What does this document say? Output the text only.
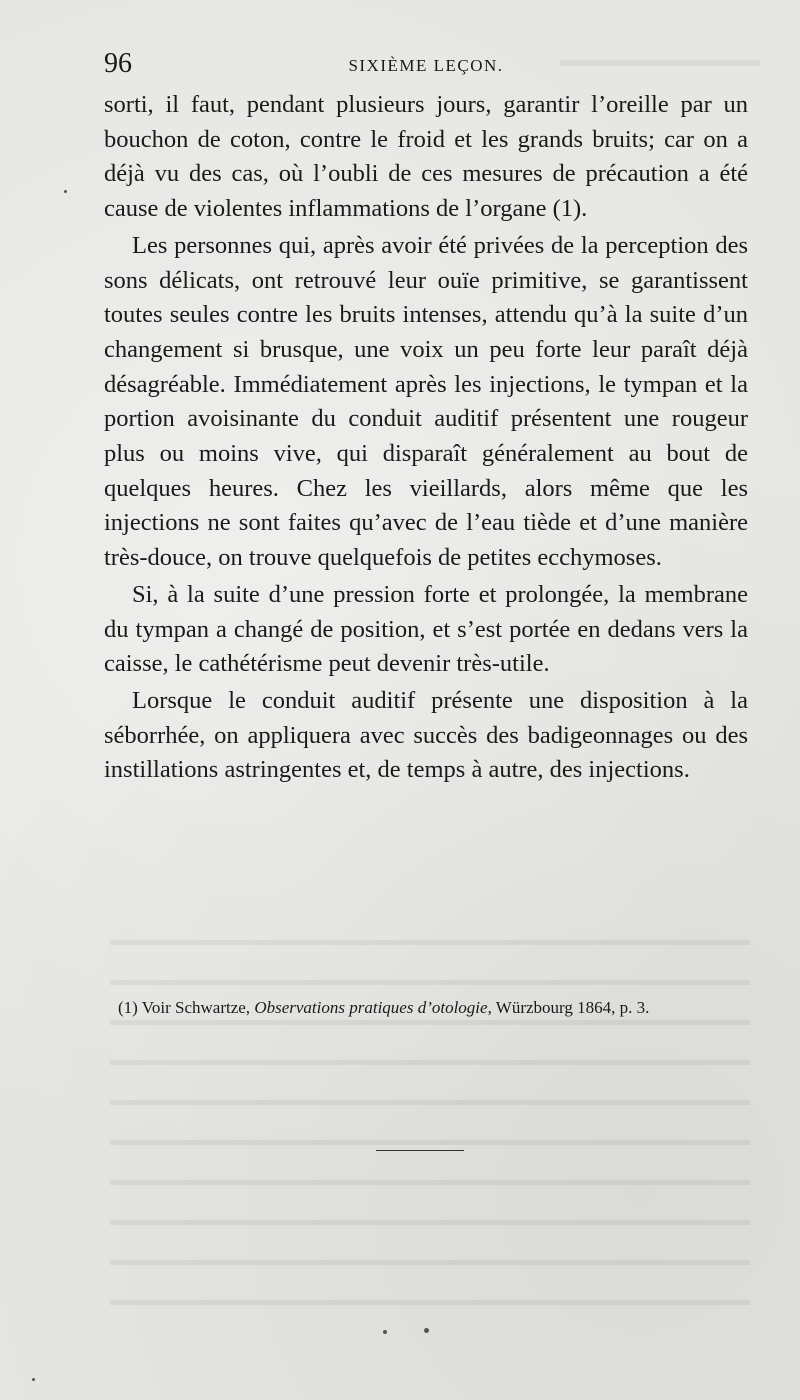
96	SIXIÈME LEÇON.

sorti, il faut, pendant plusieurs jours, garantir l’oreille par un bouchon de coton, contre le froid et les grands bruits; car on a déjà vu des cas, où l’oubli de ces mesures de précaution a été cause de violentes inflammations de l’organe (1).

Les personnes qui, après avoir été privées de la perception des sons délicats, ont retrouvé leur ouïe primitive, se garantissent toutes seules contre les bruits intenses, attendu qu’à la suite d’un changement si brusque, une voix un peu forte leur paraît déjà désagréable. Immédiatement après les injections, le tympan et la portion avoisinante du conduit auditif présentent une rougeur plus ou moins vive, qui disparaît généralement au bout de quelques heures. Chez les vieillards, alors même que les injections ne sont faites qu’avec de l’eau tiède et d’une manière très-douce, on trouve quelquefois de petites ecchymoses.

Si, à la suite d’une pression forte et prolongée, la membrane du tympan a changé de position, et s’est portée en dedans vers la caisse, le cathétérisme peut devenir très-utile.

Lorsque le conduit auditif présente une disposition à la séborrhée, on appliquera avec succès des badigeonnages ou des instillations astringentes et, de temps à autre, des injections.

(1) Voir Schwartze, Observations pratiques d’otologie, Würzbourg 1864, p. 3.
